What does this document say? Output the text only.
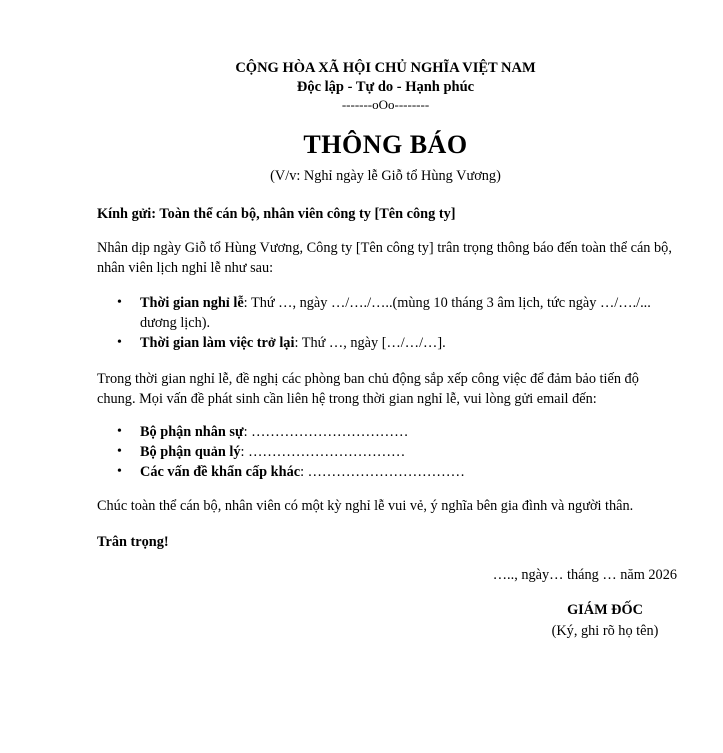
CỘNG HÒA XÃ HỘI CHỦ NGHĨA VIỆT NAM
Độc lập - Tự do - Hạnh phúc
-------oOo--------
THÔNG BÁO
(V/v: Nghỉ ngày lễ Giỗ tổ Hùng Vương)
Kính gửi: Toàn thể cán bộ, nhân viên công ty [Tên công ty]
Nhân dịp ngày Giỗ tổ Hùng Vương, Công ty [Tên công ty] trân trọng thông báo đến toàn thể cán bộ, nhân viên lịch nghỉ lễ như sau:
• Thời gian nghỉ lễ: Thứ …, ngày …/…./…..(mùng 10 tháng 3 âm lịch, tức ngày …/…./... dương lịch).
• Thời gian làm việc trở lại: Thứ …, ngày […/…/…].
Trong thời gian nghỉ lễ, đề nghị các phòng ban chủ động sắp xếp công việc để đảm bảo tiến độ chung. Mọi vấn đề phát sinh cần liên hệ trong thời gian nghỉ lễ, vui lòng gửi email đến:
• Bộ phận nhân sự: ……………………………
• Bộ phận quản lý: ……………………………
• Các vấn đề khẩn cấp khác: ……………………………
Chúc toàn thể cán bộ, nhân viên có một kỳ nghỉ lễ vui vẻ, ý nghĩa bên gia đình và người thân.
Trân trọng!
….., ngày… tháng … năm 2026
GIÁM ĐỐC
(Ký, ghi rõ họ tên)
